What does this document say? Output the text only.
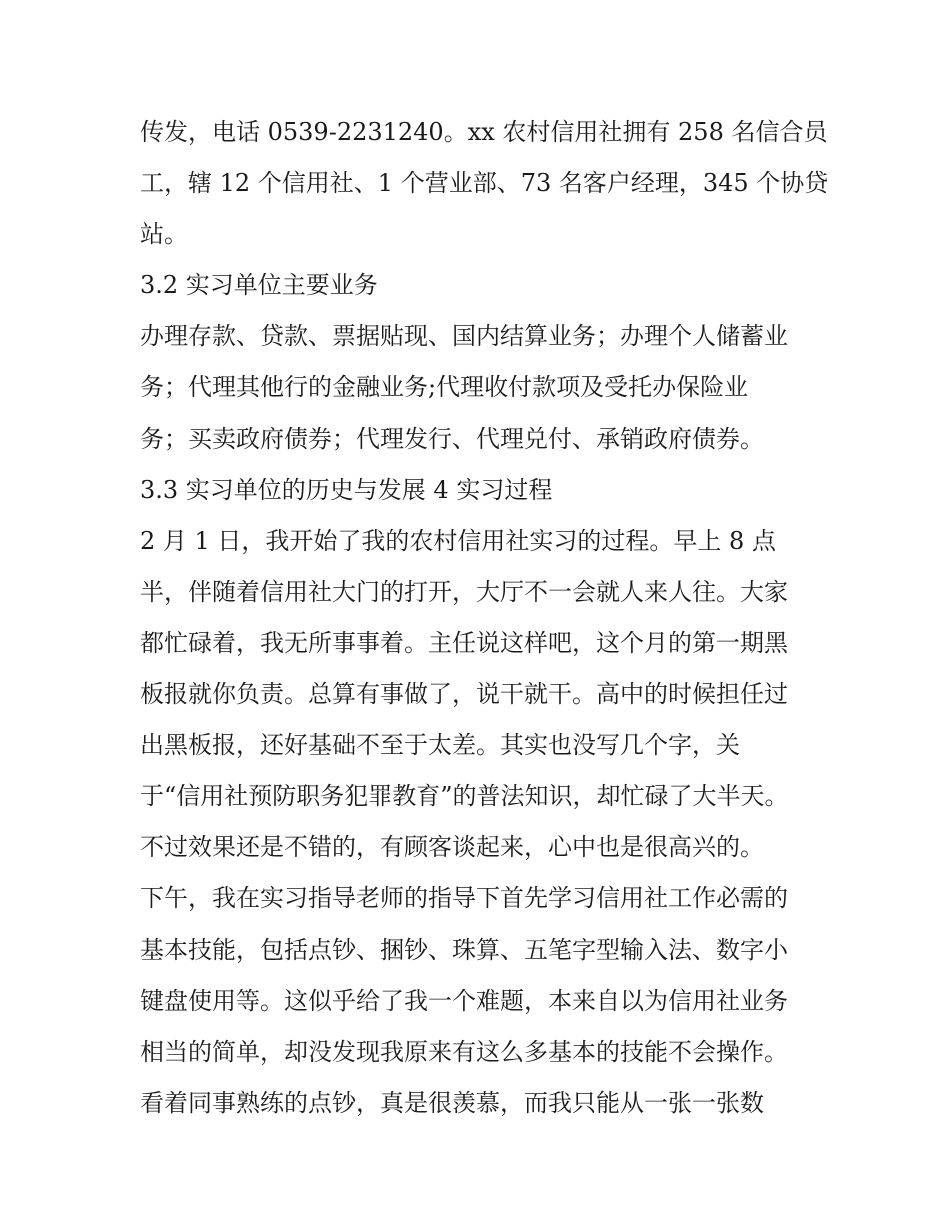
传发，电话 0539-2231240。xx 农村信用社拥有 258 名信合员
工，辖 12 个信用社、1 个营业部、73 名客户经理，345 个协贷
站。
3.2 实习单位主要业务
办理存款、贷款、票据贴现、国内结算业务；办理个人储蓄业
务；代理其他行的金融业务;代理收付款项及受托办保险业
务；买卖政府债券；代理发行、代理兑付、承销政府债券。
3.3 实习单位的历史与发展 4 实习过程
2 月 1 日，我开始了我的农村信用社实习的过程。早上 8 点
半，伴随着信用社大门的打开，大厅不一会就人来人往。大家
都忙碌着，我无所事事着。主任说这样吧，这个月的第一期黑
板报就你负责。总算有事做了，说干就干。高中的时候担任过
出黑板报，还好基础不至于太差。其实也没写几个字，关
于“信用社预防职务犯罪教育”的普法知识，却忙碌了大半天。
不过效果还是不错的，有顾客谈起来，心中也是很高兴的。
下午，我在实习指导老师的指导下首先学习信用社工作必需的
基本技能，包括点钞、捆钞、珠算、五笔字型输入法、数字小
键盘使用等。这似乎给了我一个难题，本来自以为信用社业务
相当的简单，却没发现我原来有这么多基本的技能不会操作。
看着同事熟练的点钞，真是很羡慕，而我只能从一张一张数
